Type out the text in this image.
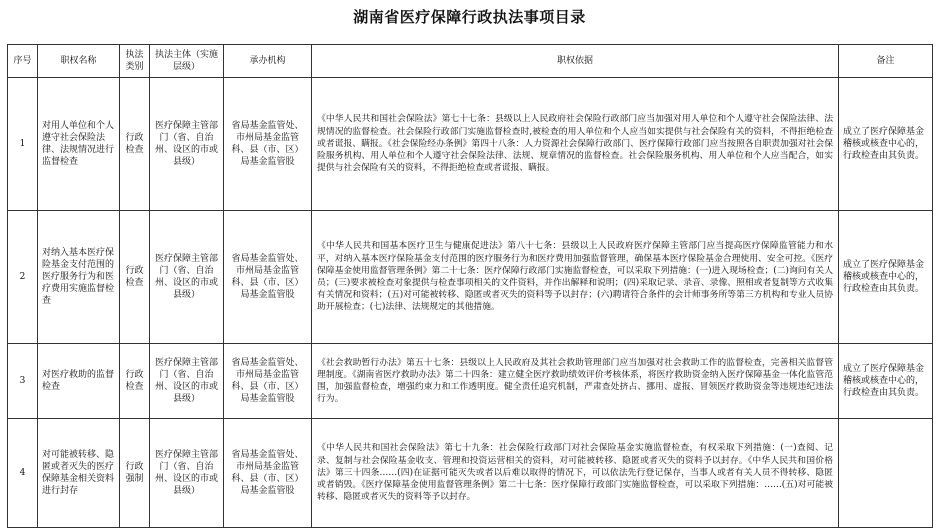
湖南省医疗保障行政执法事项目录
序号	职权名称	执法类别	执法主体（实施层级）	承办机构	职权依据	备注
1	对用人单位和个人遵守社会保险法律、法规情况进行监督检查	行政检查	医疗保障主管部门（省、自治州、设区的市或县级）	省局基金监管处、市州局基金监管科、县（市、区）局基金监管股	《中华人民共和国社会保险法》第七十七条：县级以上人民政府社会保险行政部门应当加强对用人单位和个人遵守社会保险法律、法规情况的监督检查。社会保险行政部门实施监督检查时,被检查的用人单位和个人应当如实提供与社会保险有关的资料，不得拒绝检查或者谎报、瞒报。《社会保险经办条例》第四十八条：人力资源社会保障行政部门、医疗保障行政部门应当按照各自职责加强对社会保险服务机构、用人单位和个人遵守社会保险法律、法规、规章情况的监督检查。社会保险服务机构、用人单位和个人应当配合，如实提供与社会保险有关的资料，不得拒绝检查或者谎报、瞒报。	成立了医疗保障基金稽核或核查中心的，行政检查由其负责。
2	对纳入基本医疗保险基金支付范围的医疗服务行为和医疗费用实施监督检查	行政检查	医疗保障主管部门（省、自治州、设区的市或县级）	省局基金监管处、市州局基金监管科、县（市、区）局基金监管股	《中华人民共和国基本医疗卫生与健康促进法》第八十七条：县级以上人民政府医疗保障主管部门应当提高医疗保障监管能力和水平，对纳入基本医疗保险基金支付范围的医疗服务行为和医疗费用加强监督管理，确保基本医疗保险基金合理使用、安全可控。《医疗保障基金使用监督管理条例》第二十七条：医疗保障行政部门实施监督检查，可以采取下列措施：(一)进入现场检查；(二)询问有关人员；(三)要求被检查对象提供与检查事项相关的文件资料，并作出解释和说明；(四)采取记录、录音、录像、照相或者复制等方式收集有关情况和资料；(五)对可能被转移、隐匿或者灭失的资料等予以封存；(六)聘请符合条件的会计师事务所等第三方机构和专业人员协助开展检查；(七)法律、法规规定的其他措施。	成立了医疗保障基金稽核或核查中心的，行政检查由其负责。
3	对医疗救助的监督检查	行政检查	医疗保障主管部门（省、自治州、设区的市或县级）	省局基金监管处、市州局基金监管科、县（市、区）局基金监管股	《社会救助暂行办法》第五十七条：县级以上人民政府及其社会救助管理部门应当加强对社会救助工作的监督检查，完善相关监督管理制度。《湖南省医疗救助办法》第二十四条：建立健全医疗救助绩效评价考核体系，将医疗救助资金纳入医疗保障基金一体化监管范围，加强监督检查，增强约束力和工作透明度。健全责任追究机制，严肃查处挤占、挪用、虚报、冒领医疗救助资金等违规违纪违法行为。	成立了医疗保障基金稽核或核查中心的，行政检查由其负责。
4	对可能被转移、隐匿或者灭失的医疗保障基金相关资料进行封存	行政强制	医疗保障主管部门（省、自治州、设区的市或县级）	省局基金监管处、市州局基金监管科、县（市、区）局基金监管股	《中华人民共和国社会保险法》第七十九条：社会保险行政部门对社会保险基金实施监督检查，有权采取下列措施：(一)查阅、记录、复制与社会保险基金收支、管理和投资运营相关的资料，对可能被转移、隐匿或者灭失的资料予以封存。《中华人民共和国价格法》第三十四条……(四)在证据可能灭失或者以后难以取得的情况下，可以依法先行登记保存，当事人或者有关人员不得转移、隐匿或者销毁。《医疗保障基金使用监督管理条例》第二十七条：医疗保障行政部门实施监督检查，可以采取下列措施：……(五)对可能被转移、隐匿或者灭失的资料等予以封存。	
